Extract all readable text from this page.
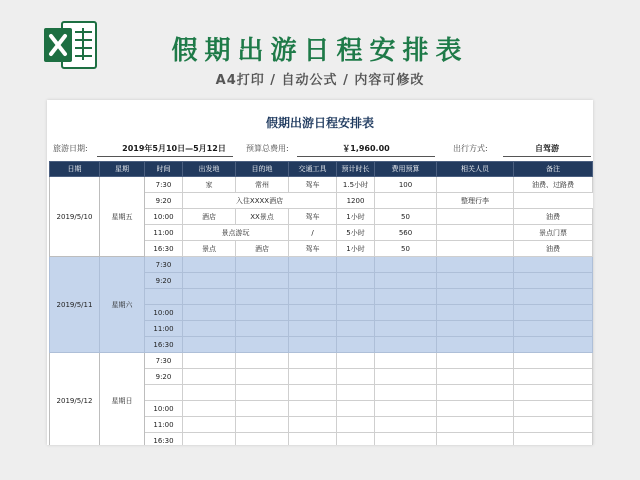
假期出游日程安排表
A4打印 / 自动公式 / 内容可修改
假期出游日程安排表
旅游日期:	2019年5月10日—5月12日	预算总费用:	￥1,960.00	出行方式:	自驾游
日期	星期	时间	出发地	目的地	交通工具	预计时长	费用预算	相关人员	备注
2019/5/10	星期五	7:30	家	常州	驾车	1.5小时	100		油费、过路费
		9:20	入住XXXX酒店			1200		整理行李	
		10:00	酒店	XX景点	驾车	1小时	50		油费
		11:00	景点游玩		/	5小时	560		景点门票
		16:30	景点	酒店	驾车	1小时	50		油费
2019/5/11	星期六	7:30							
		9:20							

		10:00							
		11:00							
		16:30							
2019/5/12	星期日	7:30							
		9:20							

		10:00							
		11:00							
		16:30							
